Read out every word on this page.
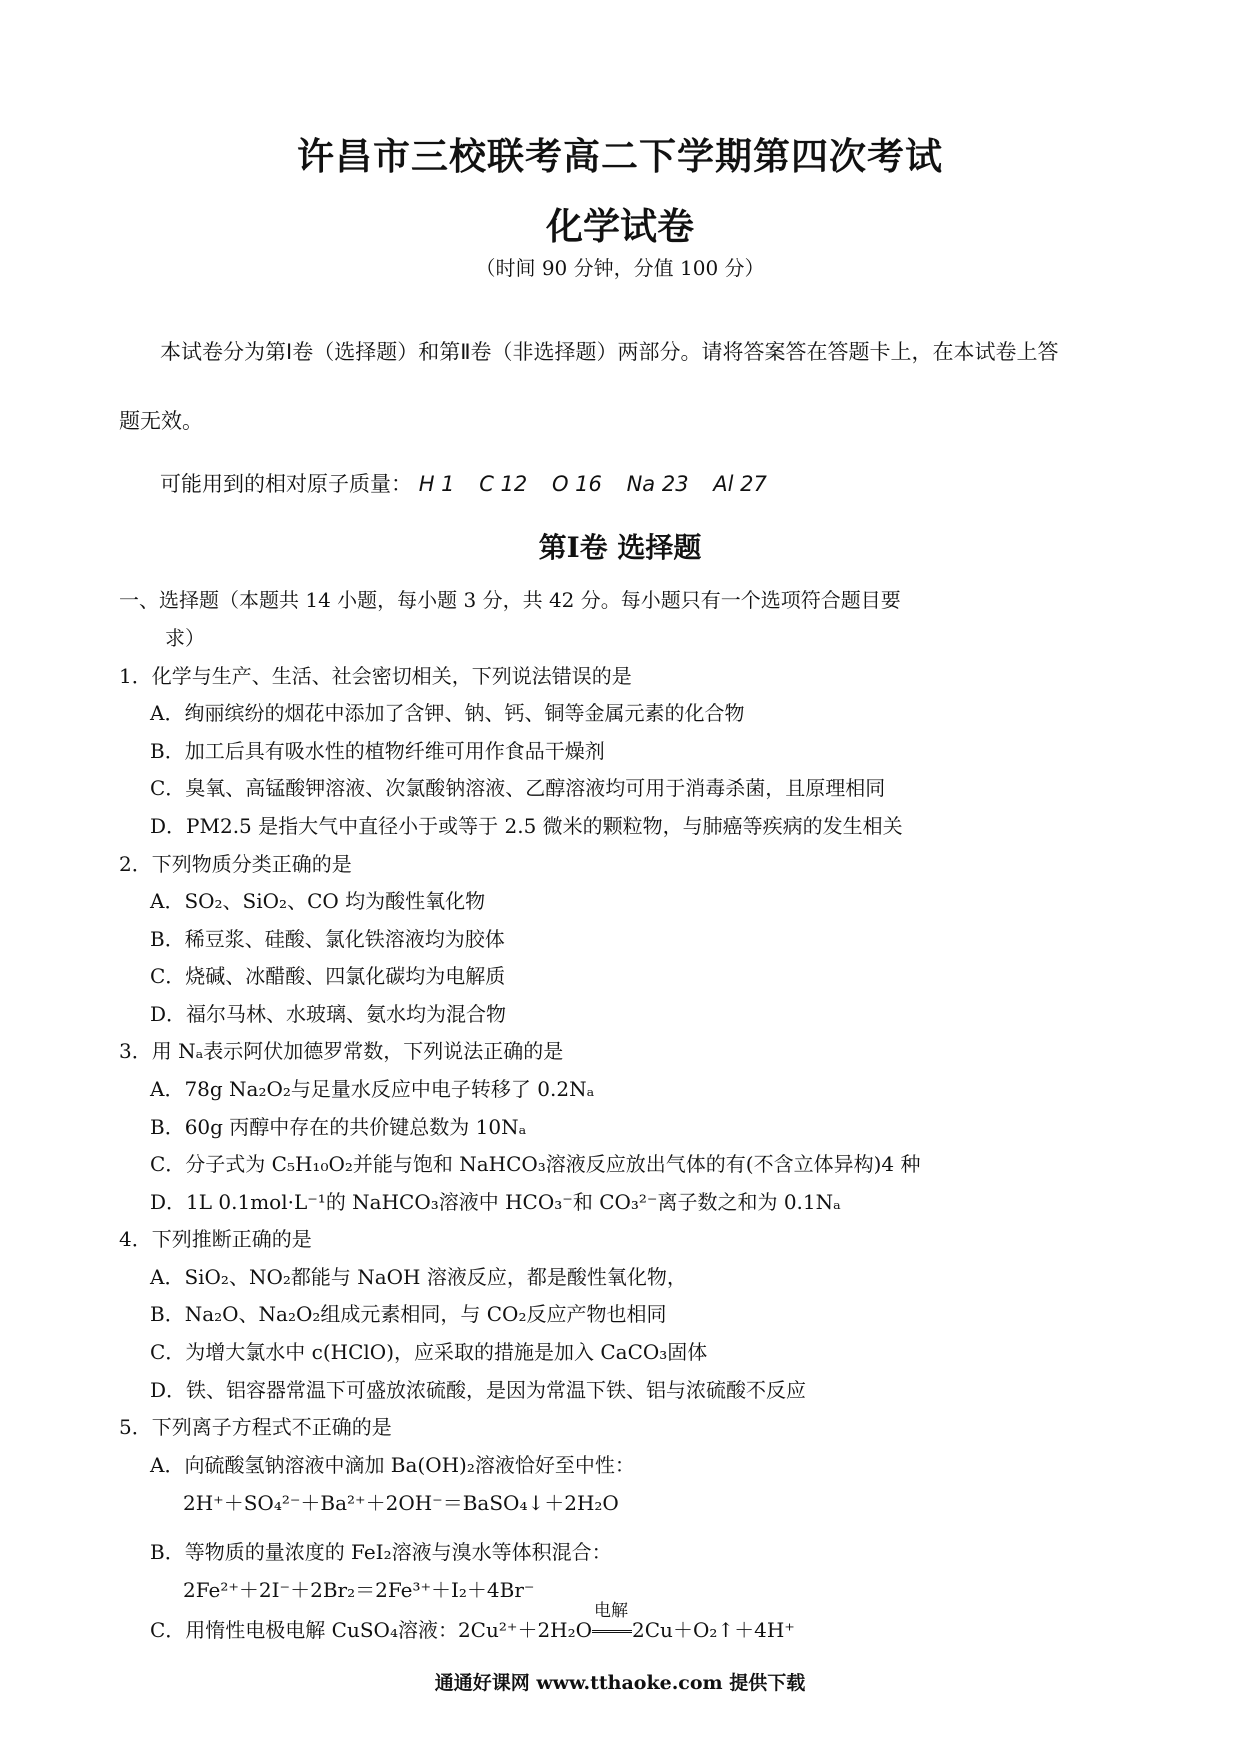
许昌市三校联考高二下学期第四次考试
化学试卷
（时间 90 分钟，分值 100 分）
本试卷分为第Ⅰ卷（选择题）和第Ⅱ卷（非选择题）两部分。请将答案答在答题卡上，在本试卷上答
题无效。
可能用到的相对原子质量： H 1 C 12 O 16 Na 23 Al 27
第Ⅰ卷 选择题
一、选择题（本题共 14 小题，每小题 3 分，共 42 分。每小题只有一个选项符合题目要
求）
1．化学与生产、生活、社会密切相关，下列说法错误的是
A．绚丽缤纷的烟花中添加了含钾、钠、钙、铜等金属元素的化合物
B．加工后具有吸水性的植物纤维可用作食品干燥剂
C．臭氧、高锰酸钾溶液、次氯酸钠溶液、乙醇溶液均可用于消毒杀菌，且原理相同
D．PM2.5 是指大气中直径小于或等于 2.5 微米的颗粒物，与肺癌等疾病的发生相关
2．下列物质分类正确的是
A．SO₂、SiO₂、CO 均为酸性氧化物
B．稀豆浆、硅酸、氯化铁溶液均为胶体
C．烧碱、冰醋酸、四氯化碳均为电解质
D．福尔马林、水玻璃、氨水均为混合物
3．用 Nₐ表示阿伏加德罗常数，下列说法正确的是
A．78g Na₂O₂与足量水反应中电子转移了 0.2Nₐ
B．60g 丙醇中存在的共价键总数为 10Nₐ
C．分子式为 C₅H₁₀O₂并能与饱和 NaHCO₃溶液反应放出气体的有(不含立体异构)4 种
D．1L 0.1mol·L⁻¹的 NaHCO₃溶液中 HCO₃⁻和 CO₃²⁻离子数之和为 0.1Nₐ
4．下列推断正确的是
A．SiO₂、NO₂都能与 NaOH 溶液反应，都是酸性氧化物，
B．Na₂O、Na₂O₂组成元素相同，与 CO₂反应产物也相同
C．为增大氯水中 c(HClO)，应采取的措施是加入 CaCO₃固体
D．铁、铝容器常温下可盛放浓硫酸，是因为常温下铁、铝与浓硫酸不反应
5．下列离子方程式不正确的是
A．向硫酸氢钠溶液中滴加 Ba(OH)₂溶液恰好至中性：
2H⁺＋SO₄²⁻＋Ba²⁺＋2OH⁻＝BaSO₄↓＋2H₂O
B．等物质的量浓度的 FeI₂溶液与溴水等体积混合：
2Fe²⁺＋2I⁻＋2Br₂＝2Fe³⁺＋I₂＋4Br⁻
C．用惰性电极电解 CuSO₄溶液：2Cu²⁺＋2H₂O
电解
2Cu＋O₂↑＋4H⁺
通通好课网 www.tthaoke.com 提供下载
